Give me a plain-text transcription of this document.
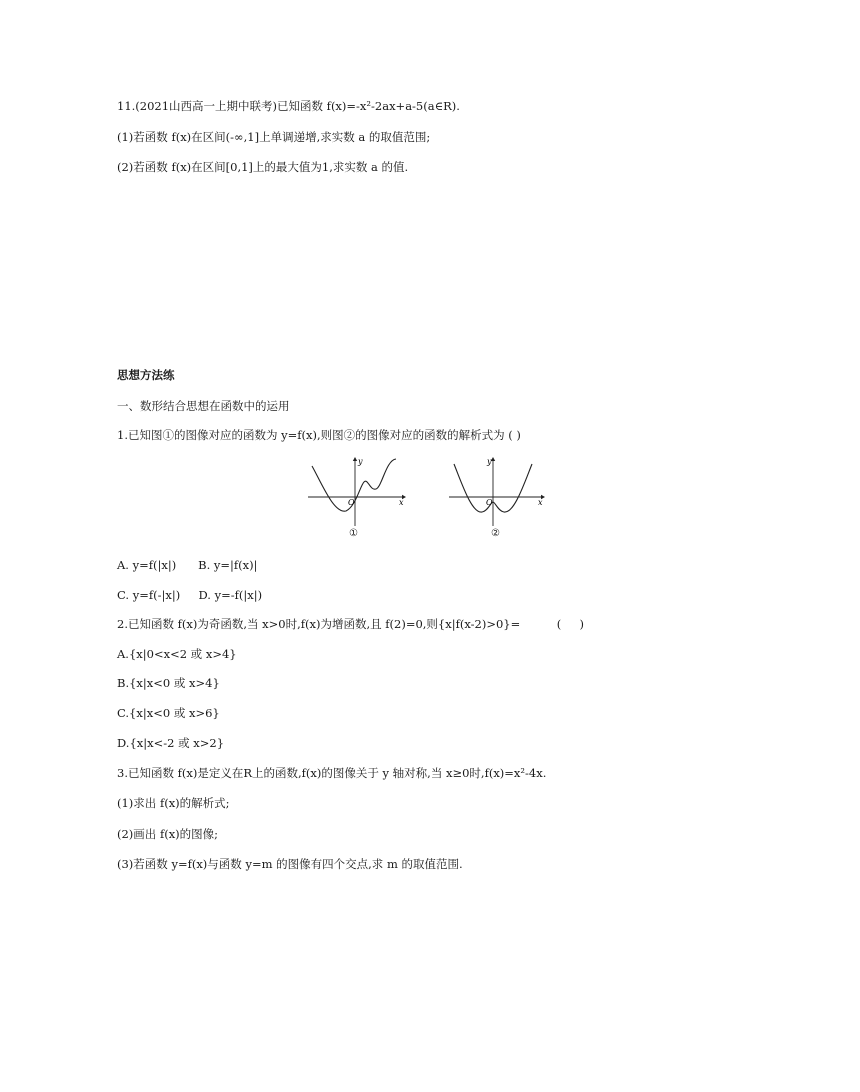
11.(2021山西高一上期中联考)已知函数 f(x)=-x²-2ax+a-5(a∈R).
(1)若函数 f(x)在区间(-∞,1]上单调递增,求实数 a 的取值范围;
(2)若函数 f(x)在区间[0,1]上的最大值为1,求实数 a 的值.
思想方法练
一、数形结合思想在函数中的运用
1.已知图①的图像对应的函数为 y=f(x),则图②的图像对应的函数的解析式为 ( )
y
x
O
①
y
x
O
②
A. y=f(|x|)      B. y=|f(x)|
C. y=f(-|x|)     D. y=-f(|x|)
2.已知函数 f(x)为奇函数,当 x>0时,f(x)为增函数,且 f(2)=0,则{x|f(x-2)>0}=          (     )
A.{x|0<x<2 或 x>4}
B.{x|x<0 或 x>4}
C.{x|x<0 或 x>6}
D.{x|x<-2 或 x>2}
3.已知函数 f(x)是定义在R上的函数,f(x)的图像关于 y 轴对称,当 x≥0时,f(x)=x²-4x.
(1)求出 f(x)的解析式;
(2)画出 f(x)的图像;
(3)若函数 y=f(x)与函数 y=m 的图像有四个交点,求 m 的取值范围.
